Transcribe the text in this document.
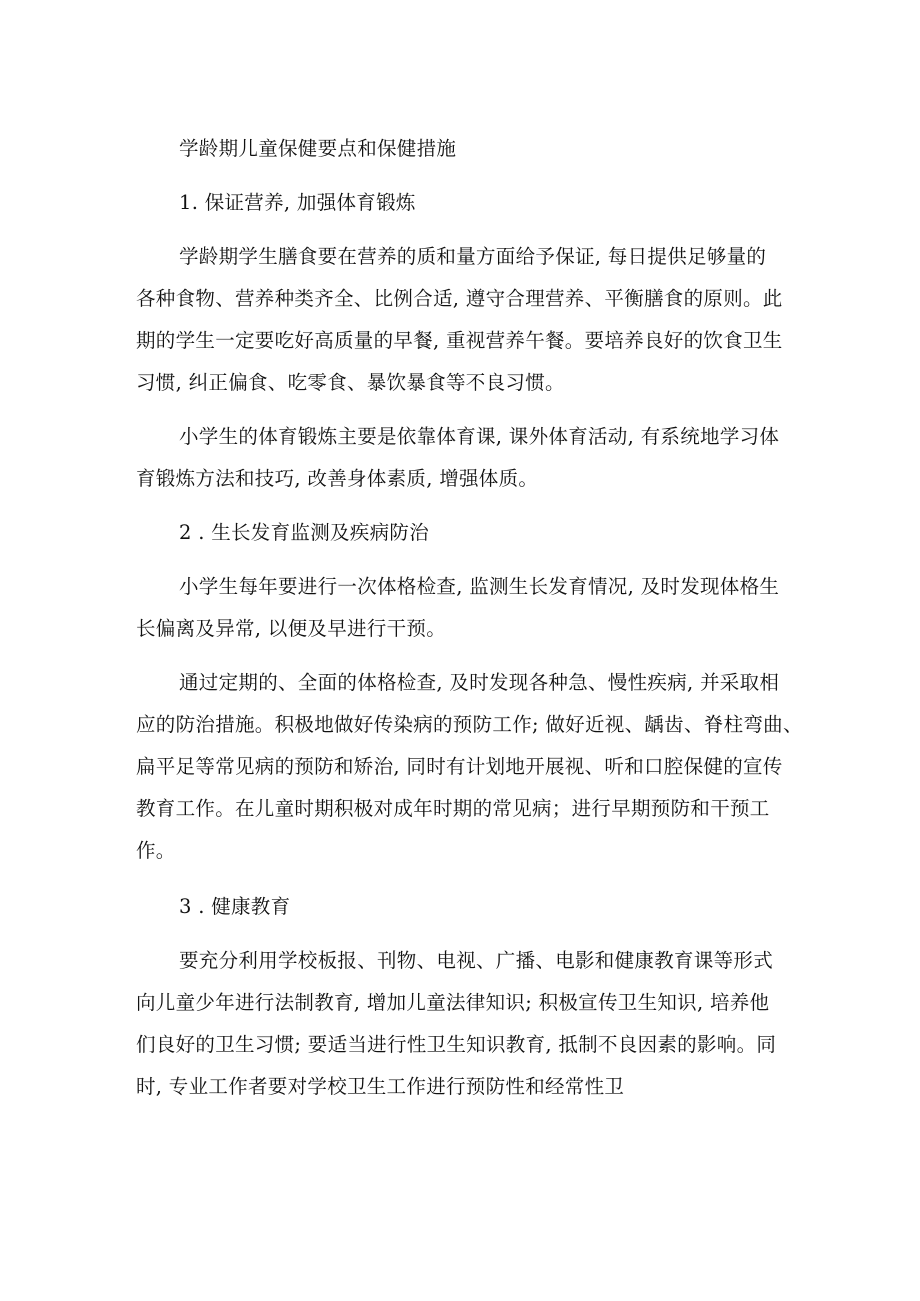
学龄期儿童保健要点和保健措施

1. 保证营养, 加强体育锻炼

学龄期学生膳食要在营养的质和量方面给予保证, 每日提供足够量的

各种食物、营养种类齐全、比例合适, 遵守合理营养、平衡膳食的原则。此

期的学生一定要吃好高质量的早餐, 重视营养午餐。要培养良好的饮食卫生

习惯, 纠正偏食、吃零食、暴饮暴食等不良习惯。

小学生的体育锻炼主要是依靠体育课, 课外体育活动, 有系统地学习体

育锻炼方法和技巧, 改善身体素质, 增强体质。

2 . 生长发育监测及疾病防治

小学生每年要进行一次体格检查, 监测生长发育情况, 及时发现体格生

长偏离及异常, 以便及早进行干预。

通过定期的、全面的体格检查, 及时发现各种急、慢性疾病, 并采取相

应的防治措施。积极地做好传染病的预防工作; 做好近视、龋齿、脊柱弯曲、

扁平足等常见病的预防和矫治, 同时有计划地开展视、听和口腔保健的宣传

教育工作。在儿童时期积极对成年时期的常见病；进行早期预防和干预工

作。

3 . 健康教育

要充分利用学校板报、刊物、电视、广播、电影和健康教育课等形式

向儿童少年进行法制教育, 增加儿童法律知识; 积极宣传卫生知识, 培养他

们良好的卫生习惯; 要适当进行性卫生知识教育, 抵制不良因素的影响。同

时, 专业工作者要对学校卫生工作进行预防性和经常性卫
